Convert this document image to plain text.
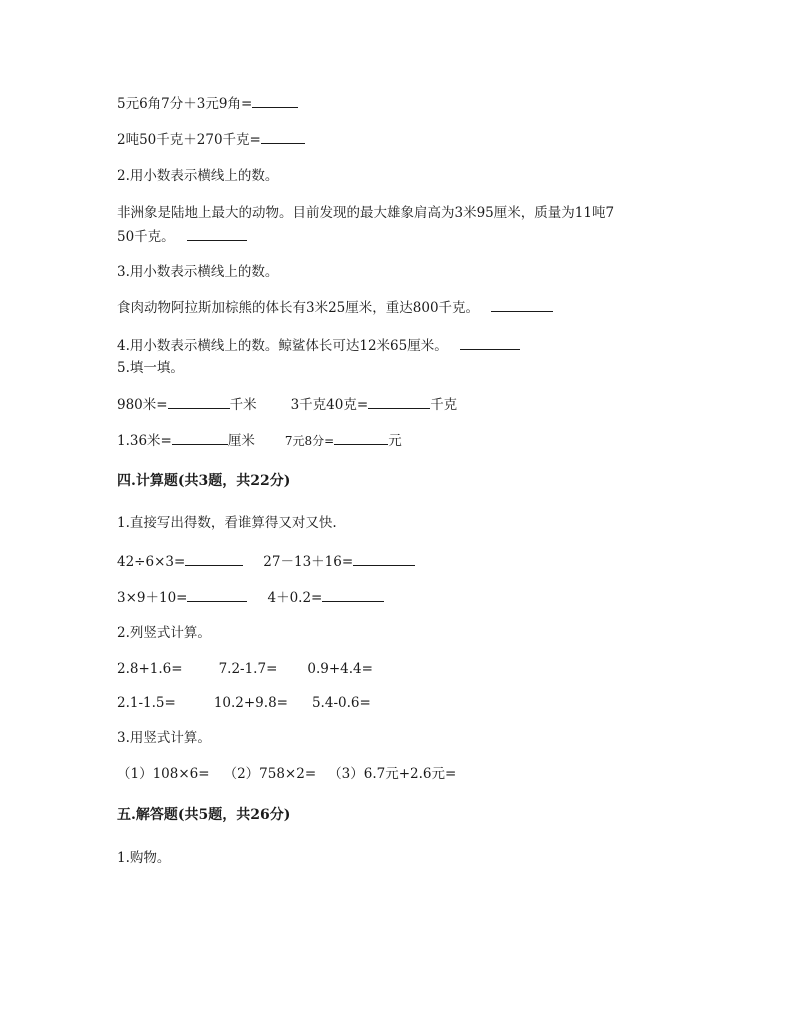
5元6角7分＋3元9角=
2吨50千克＋270千克=
2.用小数表示横线上的数。
非洲象是陆地上最大的动物。目前发现的最大雄象肩高为3米95厘米，质量为11吨7
50千克。
3.用小数表示横线上的数。
食肉动物阿拉斯加棕熊的体长有3米25厘米，重达800千克。
4.用小数表示横线上的数。鲸鲨体长可达12米65厘米。
5.填一填。
980米=	千米	3千克40克=	千克
1.36米=	厘米	7元8分=	元
四.计算题(共3题，共22分)
1.直接写出得数，看谁算得又对又快.
42÷6×3=	27－13＋16=
3×9＋10=	4＋0.2=
2.列竖式计算。
2.8+1.6=	7.2-1.7= 0.9+4.4=
2.1-1.5=	10.2+9.8= 5.4-0.6=
3.用竖式计算。
（1）108×6= （2）758×2= （3）6.7元+2.6元=
五.解答题(共5题，共26分)
1.购物。
